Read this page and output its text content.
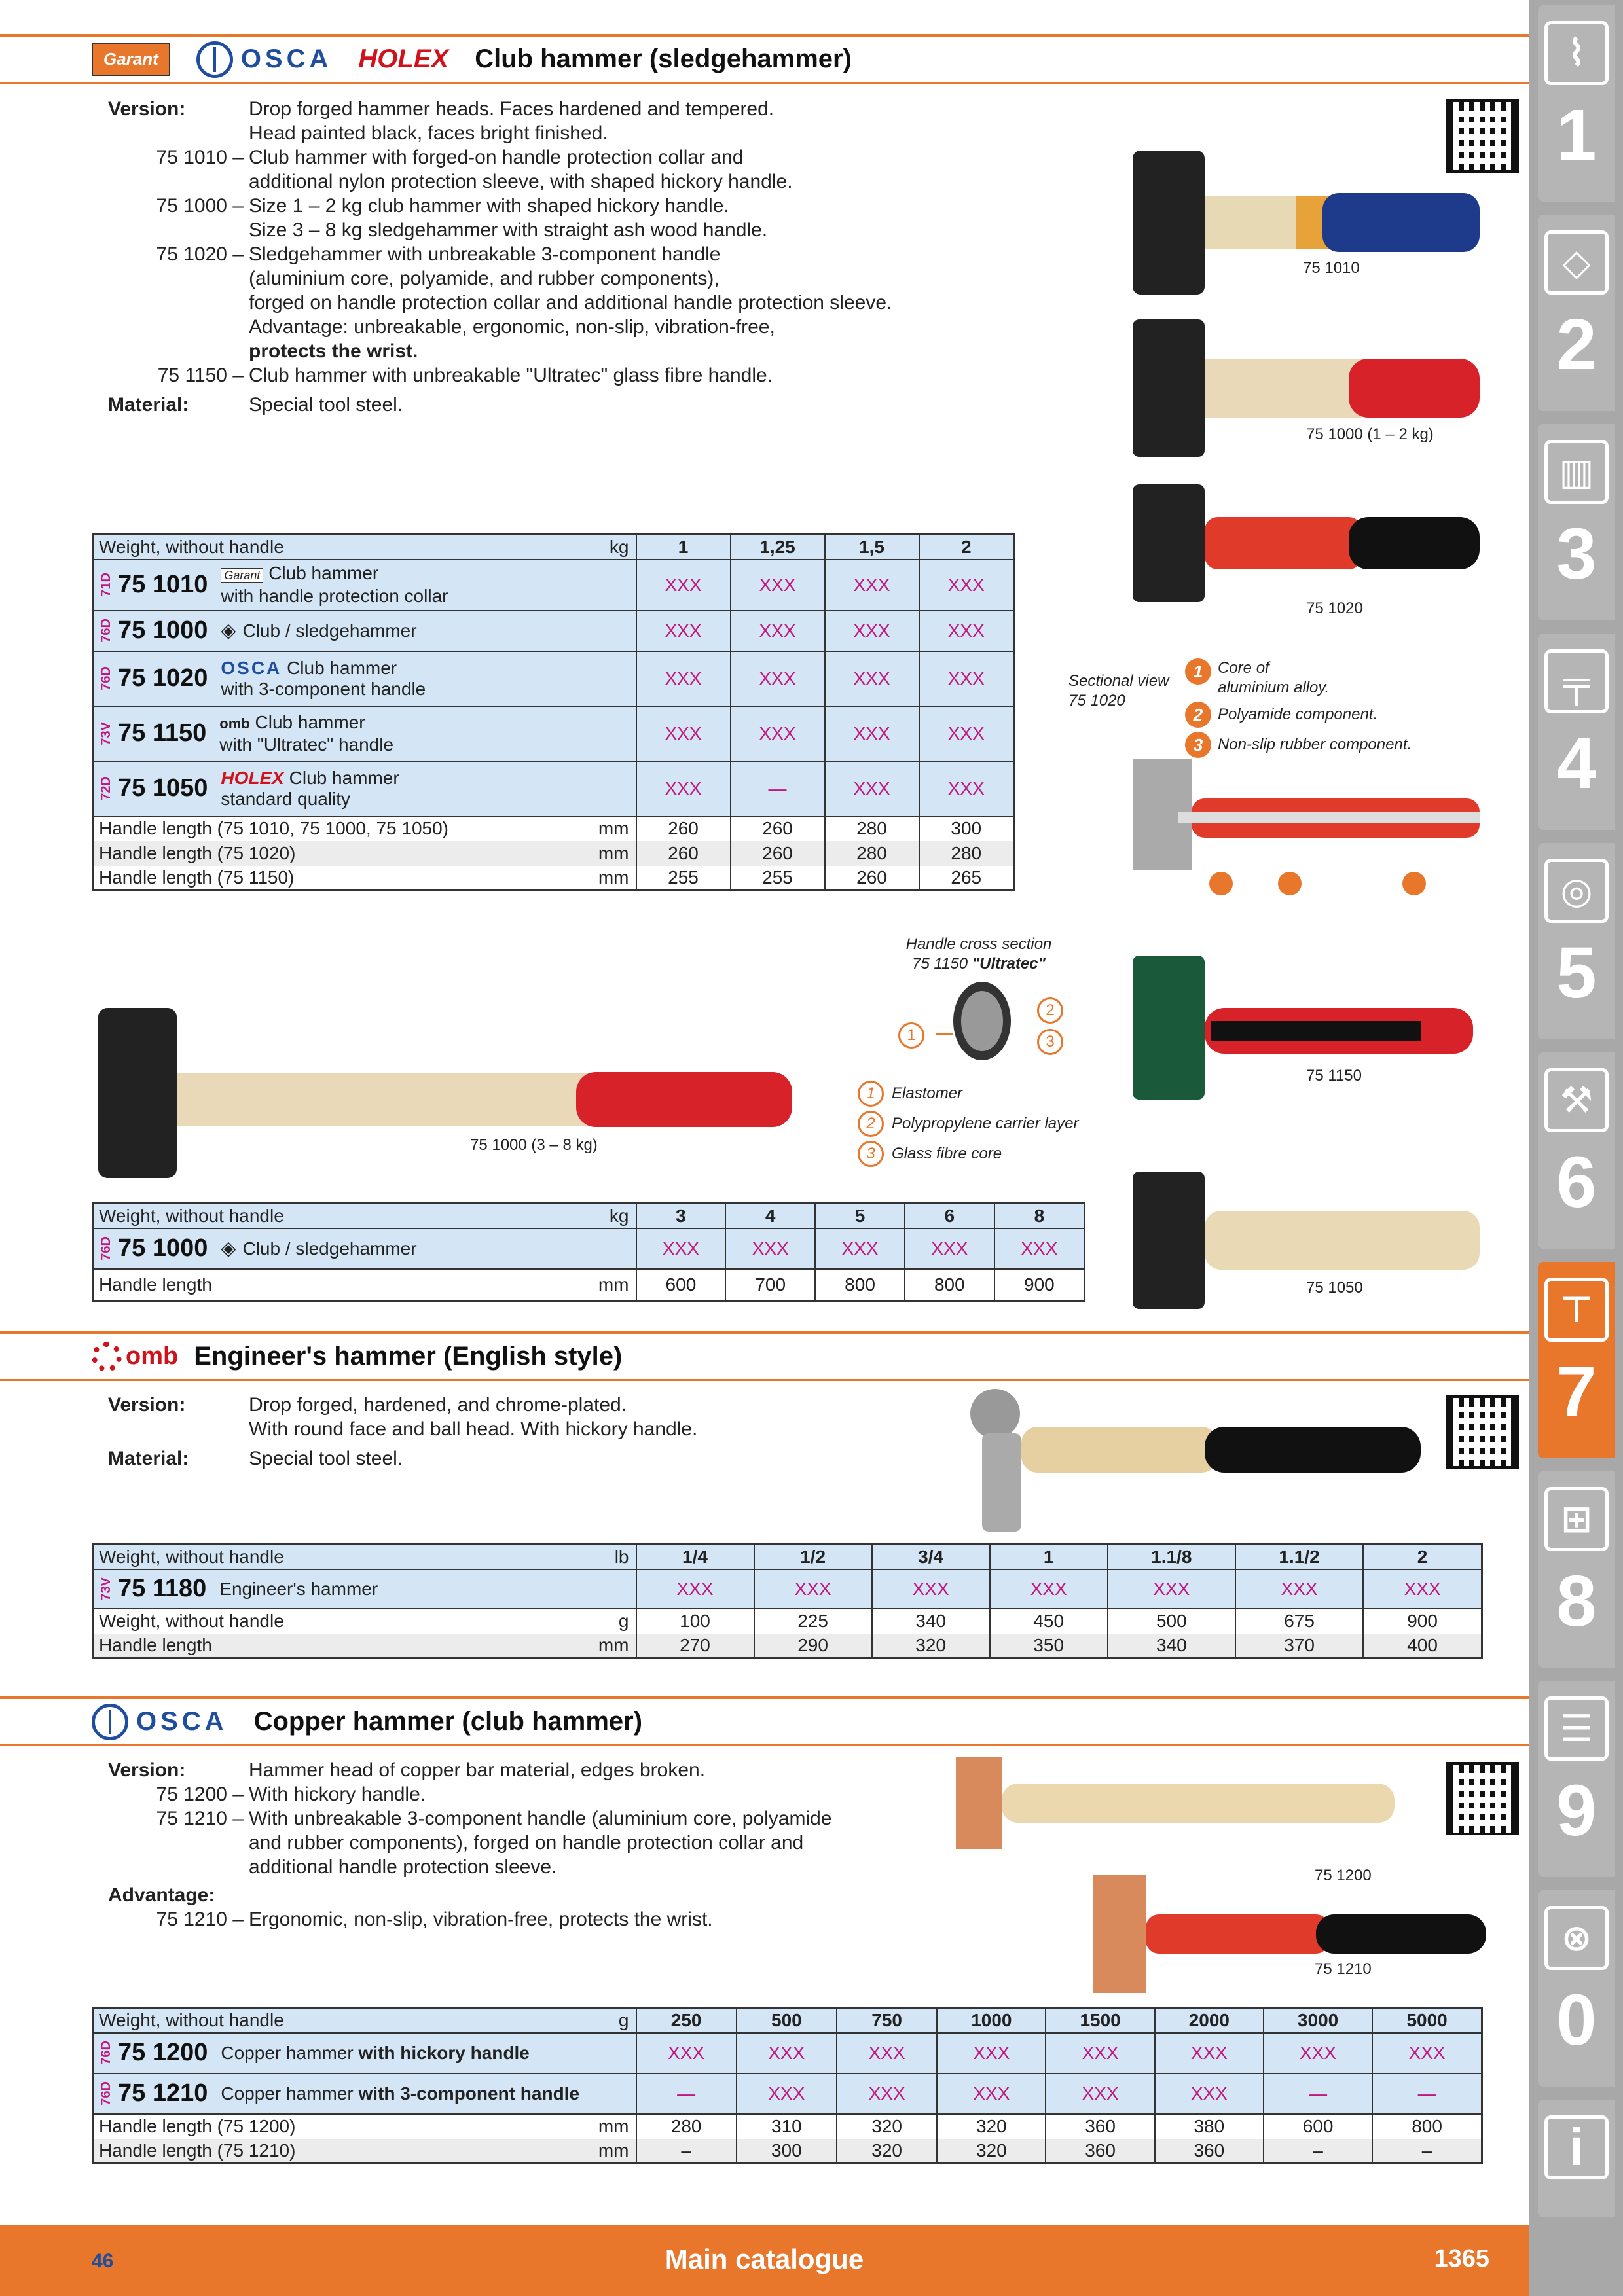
Garant	OSCA HOLEX Club hammer (sledgehammer)
Version:	Drop forged hammer heads. Faces hardened and tempered.
Head painted black, faces bright finished.
75 1010 – Club hammer with forged-on handle protection collar and
additional nylon protection sleeve, with shaped hickory handle.
75 1000 – Size 1 – 2 kg club hammer with shaped hickory handle.
Size 3 – 8 kg sledgehammer with straight ash wood handle.
75 1020 – Sledgehammer with unbreakable 3-component handle
(aluminium core, polyamide, and rubber components),
forged on handle protection collar and additional handle protection sleeve.
Advantage: unbreakable, ergonomic, non-slip, vibration-free,
protects the wrist.
75 1150 – Club hammer with unbreakable "Ultratec" glass fibre handle.
Material:	Special tool steel.
75 1010
75 1000 (1 – 2 kg)
75 1020
Sectional view
75 1020
1 Core of
aluminium alloy.
2 Polyamide component.
3 Non-slip rubber component.
75 1150
75 1050
Handle cross section
75 1150 "Ultratec"
1
2
3
1	Elastomer
2	Polypropylene carrier layer
3	Glass fibre core
75 1000 (3 – 8 kg)
Weight, without handle kg	1	1,25	1,5	2

71D 75 1010 Garant Club hammer
with handle protection collar	XXX	XXX	XXX	XXX

76D 75 1000 ◈ Club / sledgehammer	XXX	XXX	XXX	XXX

76D 75 1020 OSCA Club hammer
with 3-component handle	XXX	XXX	XXX	XXX

73V 75 1150 omb Club hammer
with "Ultratec" handle	XXX	XXX	XXX	XXX

72D 75 1050 HOLEX Club hammer
standard quality	XXX	—	XXX	XXX
Handle length (75 1010, 75 1000, 75 1050) mm	260	260	280	300
Handle length (75 1020) mm	260	260	280	280
Handle length (75 1150) mm	255	255	260	265
Weight, without handle kg	3	4	5	6	8

76D 75 1000 ◈ Club / sledgehammer	XXX	XXX	XXX	XXX	XXX
Handle length mm	600	700	800	800	900
omb Engineer's hammer (English style)
Version:	Drop forged, hardened, and chrome-plated.
With round face and ball head. With hickory handle.
Material:	Special tool steel.
Weight, without handle lb	1/4	1/2	3/4	1	1.1/8	1.1/2	2

73V 75 1180 Engineer's hammer	XXX	XXX	XXX	XXX	XXX	XXX	XXX
Weight, without handle g	100	225	340	450	500	675	900
Handle length mm	270	290	320	350	340	370	400
OSCA Copper hammer (club hammer)
Version:	Hammer head of copper bar material, edges broken.
75 1200 – With hickory handle.
75 1210 – With unbreakable 3-component handle (aluminium core, polyamide
and rubber components), forged on handle protection collar and
additional handle protection sleeve.
Advantage:
75 1210 – Ergonomic, non-slip, vibration-free, protects the wrist.
75 1200
75 1210
Weight, without handle g	250	500	750	1000	1500	2000	3000	5000

76D 75 1200 Copper hammer with hickory handle	XXX	XXX	XXX	XXX	XXX	XXX	XXX	XXX

76D 75 1210 Copper hammer with 3-component handle	—	XXX	XXX	XXX	XXX	XXX	—	—
Handle length (75 1200) mm	280	310	320	320	360	380	600	800
Handle length (75 1210) mm	–	300	320	320	360	360	–	–
⌇
1
◇
2
▥
3
╤
4
◎
5
⚒
6
⊤
7
⊞
8
☰
9
⊗
0
i
46	Main catalogue	1365
